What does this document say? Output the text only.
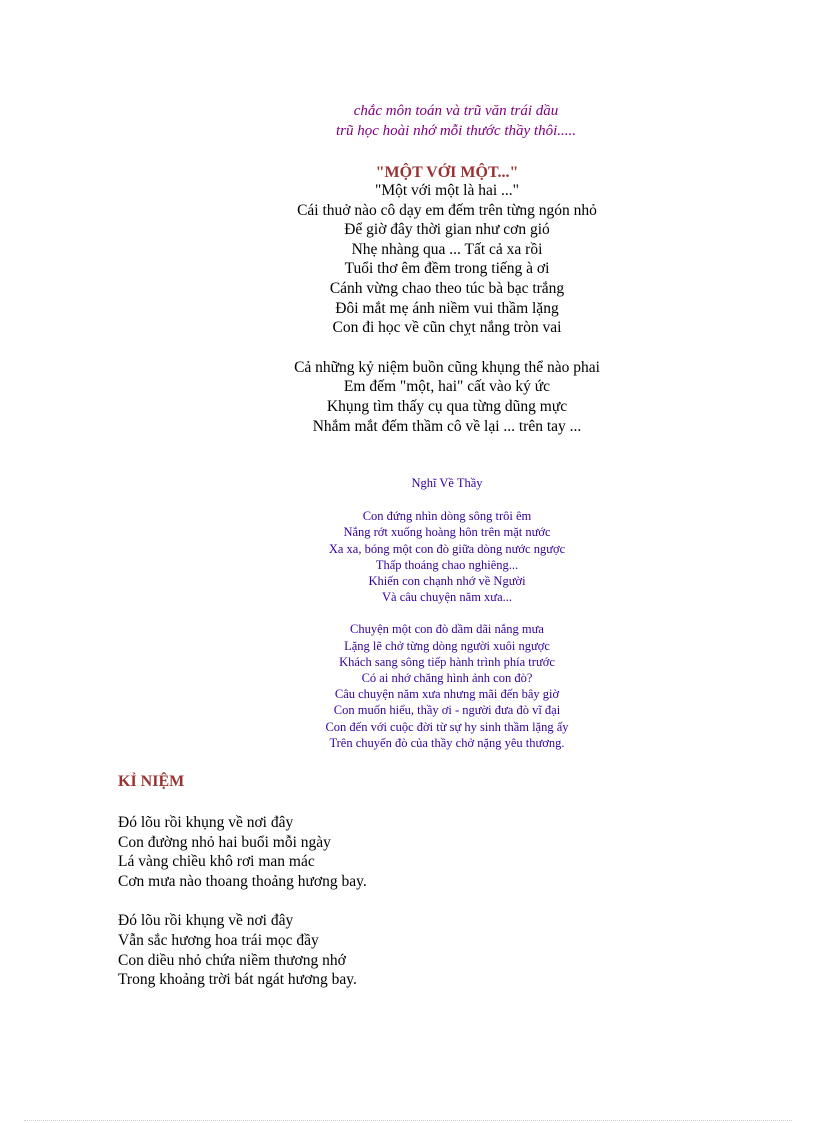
chắc môn toán và trũ văn trái dầu
trũ học hoài nhớ mỗi thước thầy thôi.....
"MỘT VỚI MỘT..."
"Một với một là hai ..."
Cái thuở nào cô dạy em đếm trên từng ngón nhỏ
Để giờ đây thời gian như cơn gió
Nhẹ nhàng qua ... Tất cả xa rồi
Tuổi thơ êm đềm trong tiếng à ơi
Cánh vừng chao theo túc bà bạc trắng
Đôi mắt mẹ ánh niềm vui thầm lặng
Con đi học về cũn chỵt nắng tròn vai
Cả những kỷ niệm buồn cũng khụng thể nào phai
Em đếm "một, hai" cất vào ký ức
Khụng tìm thấy cụ qua từng dũng mực
Nhắm mắt đếm thầm cô về lại ... trên tay ...
Nghĩ Về Thầy
Con đứng nhìn dòng sông trôi êm
Nắng rớt xuống hoàng hôn trên mặt nước
Xa xa, bóng một con đò giữa dòng nước ngược
Thấp thoáng chao nghiêng...
Khiến con chạnh nhớ về Người
Và câu chuyện năm xưa...
Chuyện một con đò dầm dãi nắng mưa
Lặng lẽ chở từng dòng người xuôi ngược
Khách sang sông tiếp hành trình phía trước
Có ai nhớ chăng hình ảnh con đò?
Câu chuyện năm xưa nhưng mãi đến bây giờ
Con muốn hiểu, thầy ơi - người đưa đò vĩ đại
Con đến với cuộc đời từ sự hy sinh thầm lặng ấy
Trên chuyến đò của thầy chở nặng yêu thương.
KỈ NIỆM
Đó lõu rồi khụng về nơi đây
Con đường nhỏ hai buổi mỗi ngày
Lá vàng chiều khô rơi man mác
Cơn mưa nào thoang thoảng hương bay.
Đó lõu rồi khụng về nơi đây
Vẫn sắc hương hoa trái mọc đầy
Con diều nhỏ chứa niềm thương nhớ
Trong khoảng trời bát ngát hương bay.
